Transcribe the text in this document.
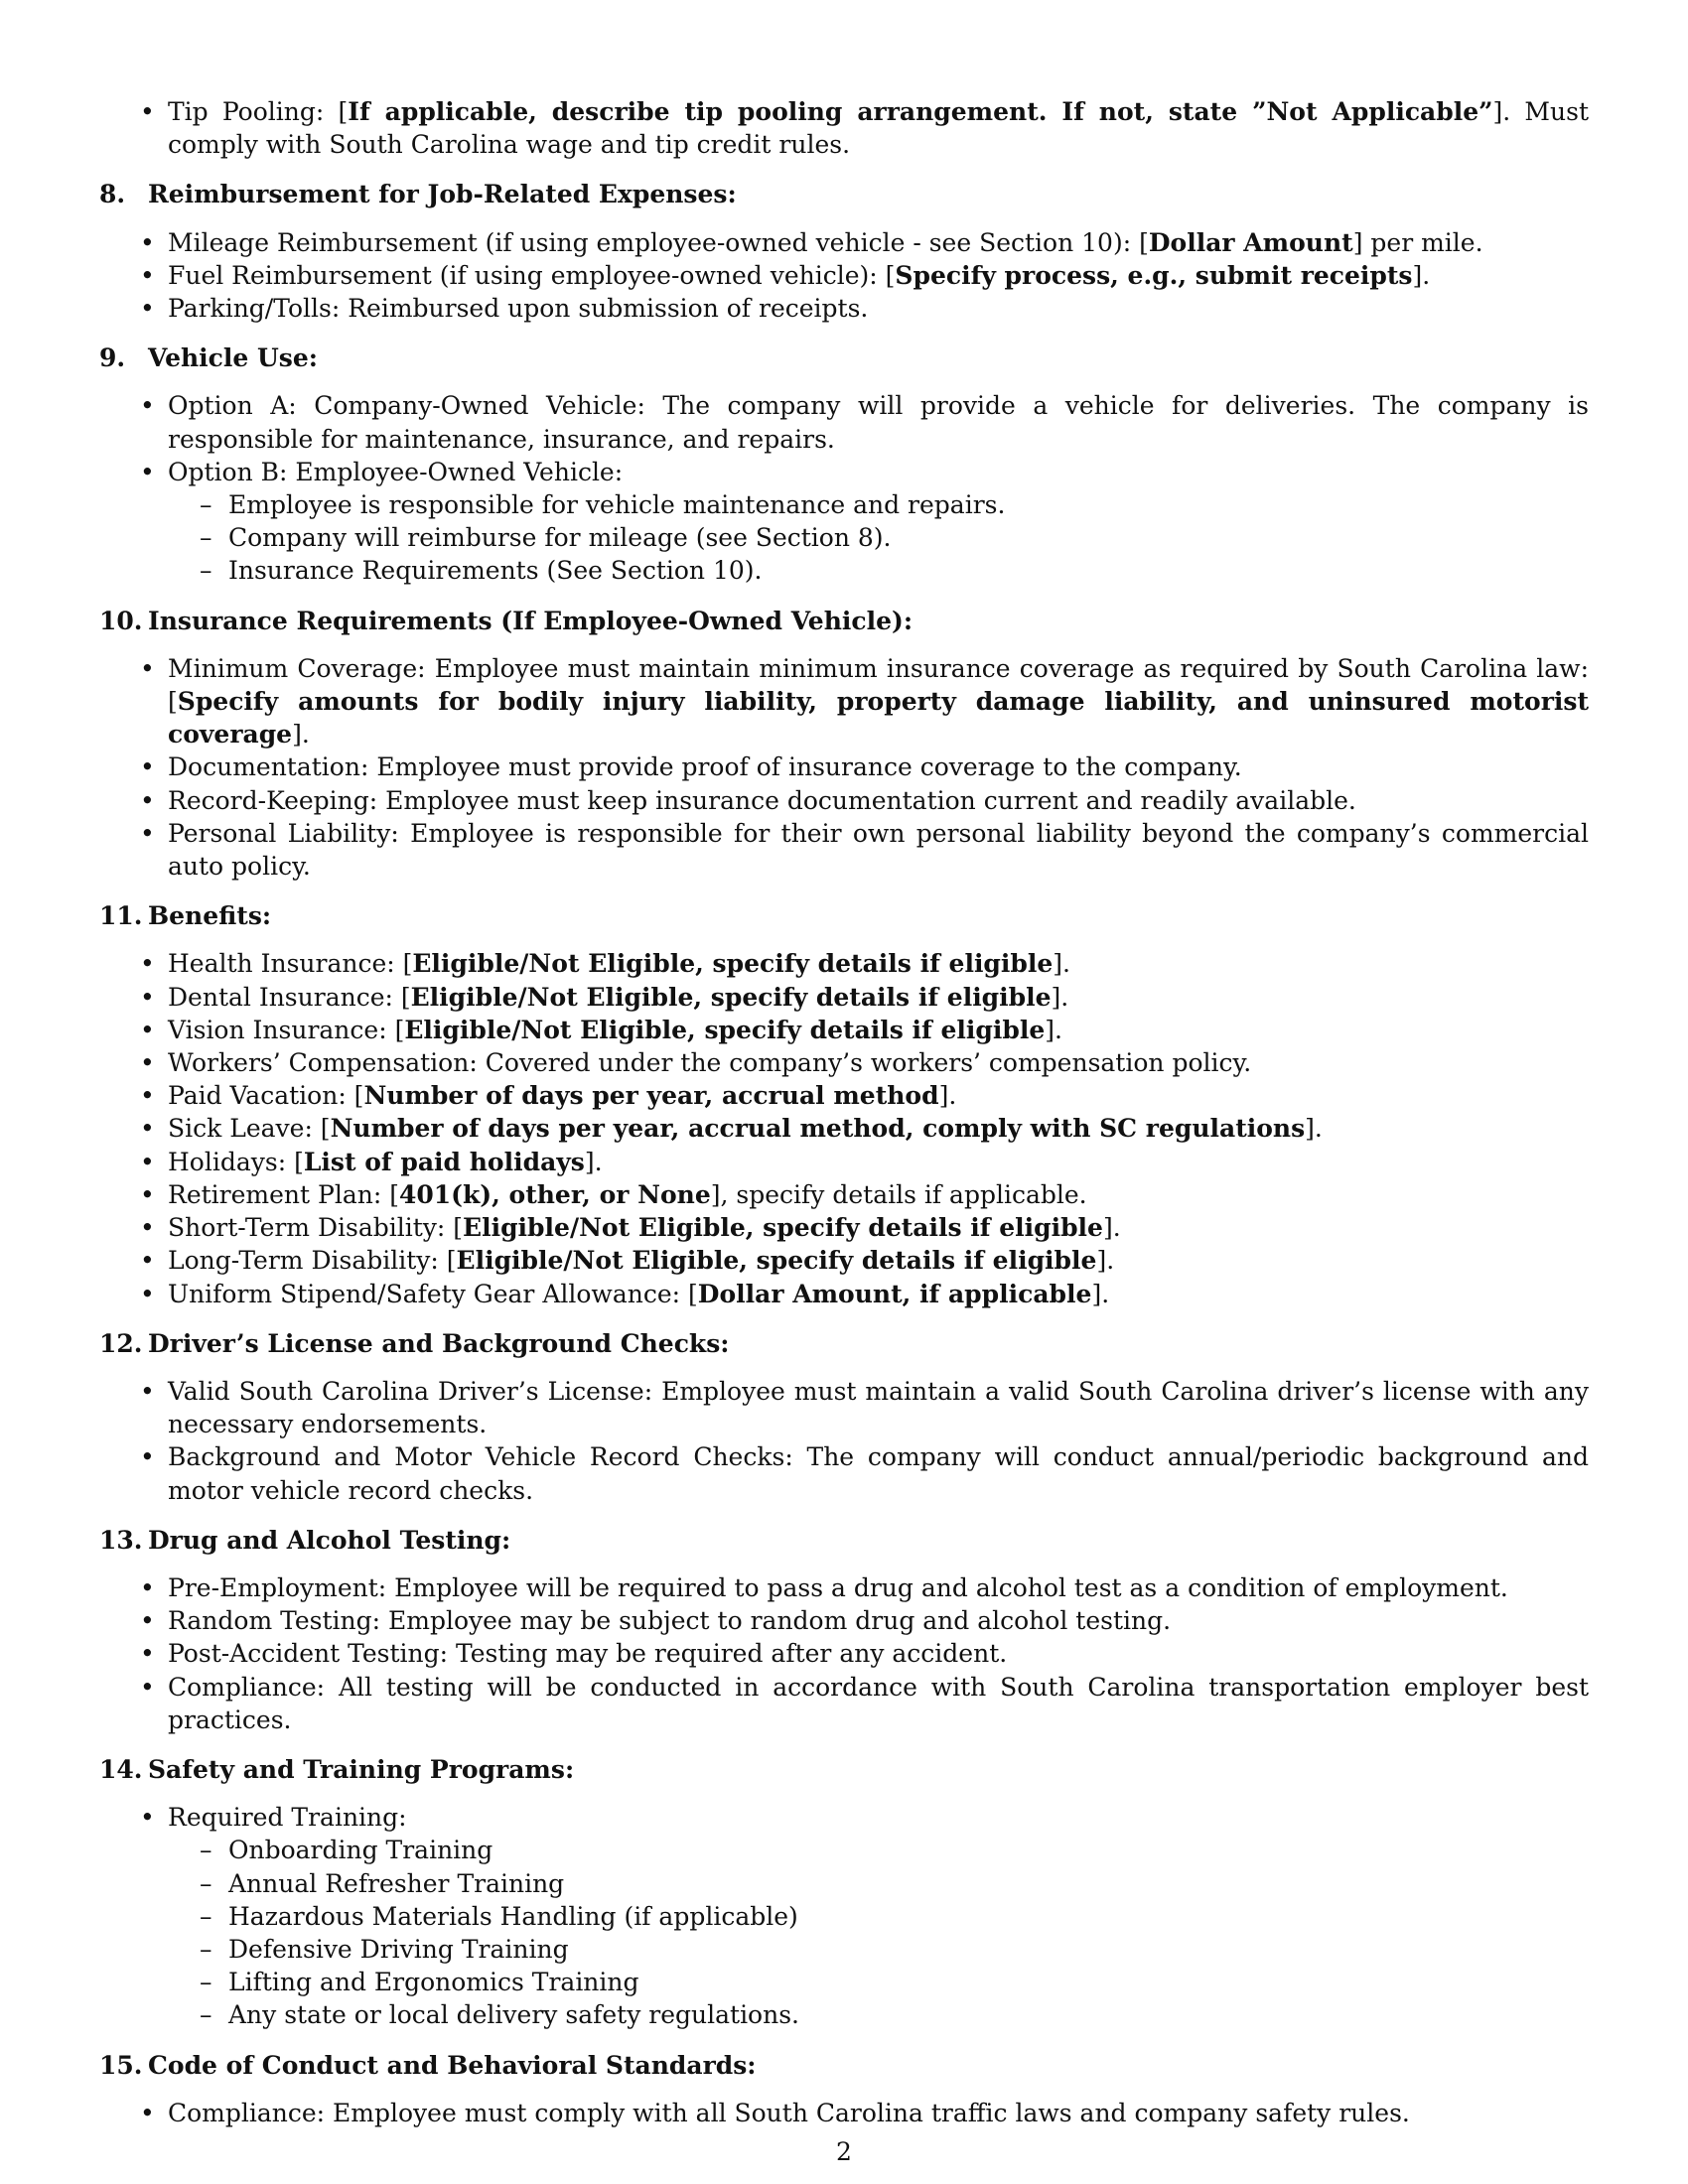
• Tip Pooling: [If applicable, describe tip pooling arrangement. If not, state ”Not Applicable”]. Must comply with South Carolina wage and tip credit rules.
8. Reimbursement for Job-Related Expenses:
• Mileage Reimbursement (if using employee-owned vehicle - see Section 10): [Dollar Amount] per mile.
• Fuel Reimbursement (if using employee-owned vehicle): [Specify process, e.g., submit receipts].
• Parking/Tolls: Reimbursed upon submission of receipts.
9. Vehicle Use:
• Option A: Company-Owned Vehicle: The company will provide a vehicle for deliveries. The company is responsible for maintenance, insurance, and repairs.
• Option B: Employee-Owned Vehicle:
– Employee is responsible for vehicle maintenance and repairs.
– Company will reimburse for mileage (see Section 8).
– Insurance Requirements (See Section 10).
10. Insurance Requirements (If Employee-Owned Vehicle):
• Minimum Coverage: Employee must maintain minimum insurance coverage as required by South Carolina law: [Specify amounts for bodily injury liability, property damage liability, and uninsured motorist coverage].
• Documentation: Employee must provide proof of insurance coverage to the company.
• Record-Keeping: Employee must keep insurance documentation current and readily available.
• Personal Liability: Employee is responsible for their own personal liability beyond the company’s commercial auto policy.
11. Benefits:
• Health Insurance: [Eligible/Not Eligible, specify details if eligible].
• Dental Insurance: [Eligible/Not Eligible, specify details if eligible].
• Vision Insurance: [Eligible/Not Eligible, specify details if eligible].
• Workers’ Compensation: Covered under the company’s workers’ compensation policy.
• Paid Vacation: [Number of days per year, accrual method].
• Sick Leave: [Number of days per year, accrual method, comply with SC regulations].
• Holidays: [List of paid holidays].
• Retirement Plan: [401(k), other, or None], specify details if applicable.
• Short-Term Disability: [Eligible/Not Eligible, specify details if eligible].
• Long-Term Disability: [Eligible/Not Eligible, specify details if eligible].
• Uniform Stipend/Safety Gear Allowance: [Dollar Amount, if applicable].
12. Driver’s License and Background Checks:
• Valid South Carolina Driver’s License: Employee must maintain a valid South Carolina driver’s license with any necessary endorsements.
• Background and Motor Vehicle Record Checks: The company will conduct annual/periodic background and motor vehicle record checks.
13. Drug and Alcohol Testing:
• Pre-Employment: Employee will be required to pass a drug and alcohol test as a condition of employment.
• Random Testing: Employee may be subject to random drug and alcohol testing.
• Post-Accident Testing: Testing may be required after any accident.
• Compliance: All testing will be conducted in accordance with South Carolina transportation employer best practices.
14. Safety and Training Programs:
• Required Training:
– Onboarding Training
– Annual Refresher Training
– Hazardous Materials Handling (if applicable)
– Defensive Driving Training
– Lifting and Ergonomics Training
– Any state or local delivery safety regulations.
15. Code of Conduct and Behavioral Standards:
• Compliance: Employee must comply with all South Carolina traffic laws and company safety rules.
2
